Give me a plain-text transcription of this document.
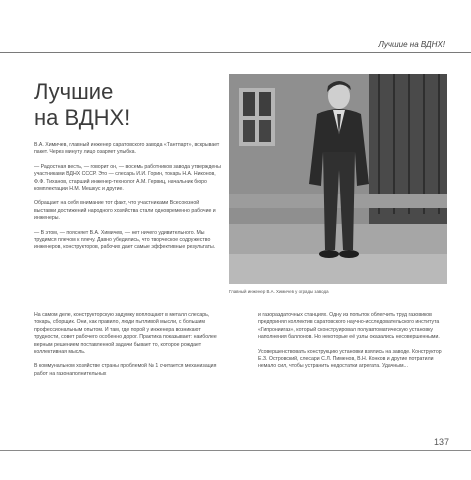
Лучшие на ВДНХ!
Лучшие
на ВДНХ!

В.А. Химичев, главный инженер саратовского завода «Тантпарт», вскрывает пакет. Через минуту лицо озаряет улыбка.

— Радостная весть, — говорит он, — восемь работников завода утверждены участниками ВДНХ СССР. Это — слесарь И.И. Горин, токарь Н.А. Никонов, Ф.Ф. Тиханов, старший инженер-технолог А.М. Гервиц, начальник бюро комплектации Н.М. Мешкус и другие.

Обращает на себя внимание тот факт, что участниками Всесоюзной выставки достижений народного хозяйства стали одновременно рабочие и инженеры.

— В этом, — поясняет В.А. Химичев, — нет ничего удивительного. Мы трудимся плечом к плечу. Давно убедились, что творческое содружество инженеров, конструкторов, рабочих дает самые эффективные результаты.

Главный инженер В.А. Химичев у ограды завода

На самом деле, конструкторскую задумку воплощают в металл слесарь, токарь, сборщик. Они, как правило, люди пытливой мысли, с большим профессиональным опытом. И там, где порой у инженера возникают трудности, совет рабочего особенно дорог. Практика показывает: наиболее верным решением поставленной задачи бывает то, которое рождает коллективная мысль.

В коммунальном хозяйстве страны проблемой № 1 считается механизация работ на газонаполнительных

и газораздаточных станциях. Одну из попыток облегчить труд газовиков предпринял коллектив саратовского научно-исследовательского института «Гипрониигаз», который сконструировал полуавтоматическую установку наполнения баллонов. Но некоторые её узлы оказались несовершенными.

Усовершенствовать конструкцию установки взялись на заводе. Конструктор Е.З. Островский, слесари С.Л. Пименов, В.Н. Конков и другие потратили немало сил, чтобы устранить недостатки агрегата. Удачным...

137
